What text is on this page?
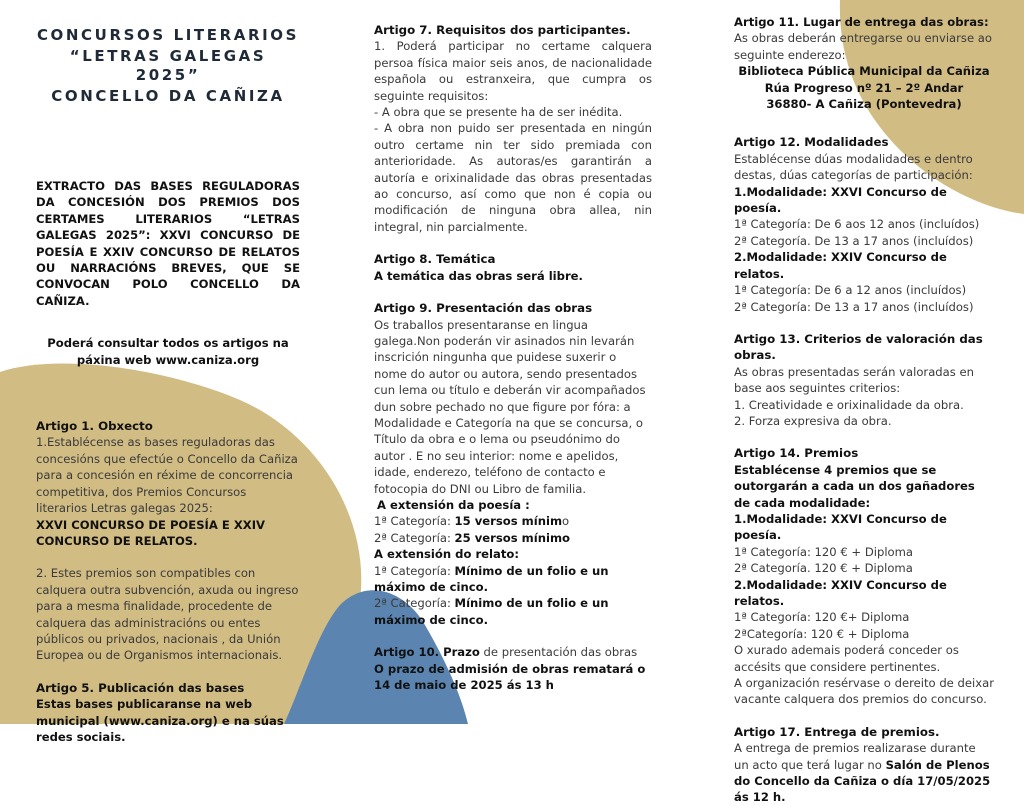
CONCURSOS LITERARIOS

“LETRAS GALEGAS 2025”

CONCELLO DA CAÑIZA

EXTRACTO DAS BASES REGULADORAS DA CONCESIÓN DOS PREMIOS DOS CERTAMES LITERARIOS “LETRAS GALEGAS 2025”: XXVI CONCURSO DE POESÍA E XXIV CONCURSO DE RELATOS OU NARRACIÓNS BREVES, QUE SE CONVOCAN POLO CONCELLO DA CAÑIZA.

Poderá consultar todos os artigos na páxina web www.caniza.org

Artigo 1. Obxecto

1.Establécense as bases reguladoras das concesións que efectúe o Concello da Cañiza para a concesión en réxime de concorrencia competitiva, dos Premios Concursos literarios Letras galegas 2025:

XXVI CONCURSO DE POESÍA E XXIV CONCURSO DE RELATOS.

2. Estes premios son compatibles con calquera outra subvención, axuda ou ingreso para a mesma finalidade, procedente de calquera das administracións ou entes públicos ou privados, nacionais , da Unión Europea ou de Organismos internacionais.

Artigo 5. Publicación das bases

Estas bases publicaranse na web municipal (www.caniza.org) e na súas redes sociais.

Artigo 7. Requisitos dos participantes.

1. Poderá participar no certame calquera persoa física maior seis anos, de nacionalidade española ou estranxeira, que cumpra os seguinte requisitos:

- A obra que se presente ha de ser inédita.

- A obra non puido ser presentada en ningún outro certame nin ter sido premiada con anterioridade. As autoras/es garantirán a autoría e orixinalidade das obras presentadas ao concurso, así como que non é copia ou modificación de ninguna obra allea, nin integral, nin parcialmente.

Artigo 8. Temática

A temática das obras será libre.

Artigo 9. Presentación das obras

Os traballos presentaranse en lingua galega.Non poderán vir asinados nin levarán inscrición ningunha que puidese suxerir o nome do autor ou autora, sendo presentados cun lema ou título e deberán vir acompañados dun sobre pechado no que figure por fóra: a Modalidade e Categoría na que se concursa, o Título da obra e o lema ou pseudónimo do autor . E no seu interior: nome e apelidos, idade, enderezo, teléfono de contacto e fotocopia do DNI ou Libro de familia.

A extensión da poesía :

1ª Categoría: 15 versos mínimo

2ª Categoría: 25 versos mínimo

A extensión do relato:

1ª Categoría: Mínimo de un folio e un máximo de cinco.

2ª Categoría: Mínimo de un folio e un máximo de cinco.

Artigo 10. Prazo de presentación das obras

O prazo de admisión de obras rematará o 14 de maio de 2025 ás 13 h

Artigo 11. Lugar de entrega das obras: As obras deberán entregarse ou enviarse ao seguinte enderezo:

Biblioteca Pública Municipal da Cañiza

Rúa Progreso nº 21 – 2º Andar

36880- A Cañiza (Pontevedra)

Artigo 12. Modalidades

Establécense dúas modalidades e dentro destas, dúas categorías de participación:

1.Modalidade: XXVI Concurso de poesía.

1ª Categoría: De 6 aos 12 anos (incluídos)

2ª Categoría. De 13 a 17 anos (incluídos)

2.Modalidade: XXIV Concurso de relatos.

1ª Categoría: De 6 a 12 anos (incluídos)

2ª Categoría: De 13 a 17 anos (incluídos)

Artigo 13. Criterios de valoración das obras.

As obras presentadas serán valoradas en base aos seguintes criterios:

1. Creatividade e orixinalidade da obra.

2. Forza expresiva da obra.

Artigo 14. Premios

Establécense 4 premios que se outorgarán a cada un dos gañadores de cada modalidade:

1.Modalidade: XXVI Concurso de poesía.

1ª Categoría: 120 € + Diploma

2ª Categoría. 120 € + Diploma

2.Modalidade: XXIV Concurso de relatos.

1ª Categoría: 120 €+ Diploma

2ªCategoría: 120 € + Diploma

O xurado ademais poderá conceder os accésits que considere pertinentes.

A organización resérvase o dereito de deixar vacante calquera dos premios do concurso.

Artigo 17. Entrega de premios.

A entrega de premios realizarase durante un acto que terá lugar no Salón de Plenos do Concello da Cañiza o día 17/05/2025 ás 12 h.
